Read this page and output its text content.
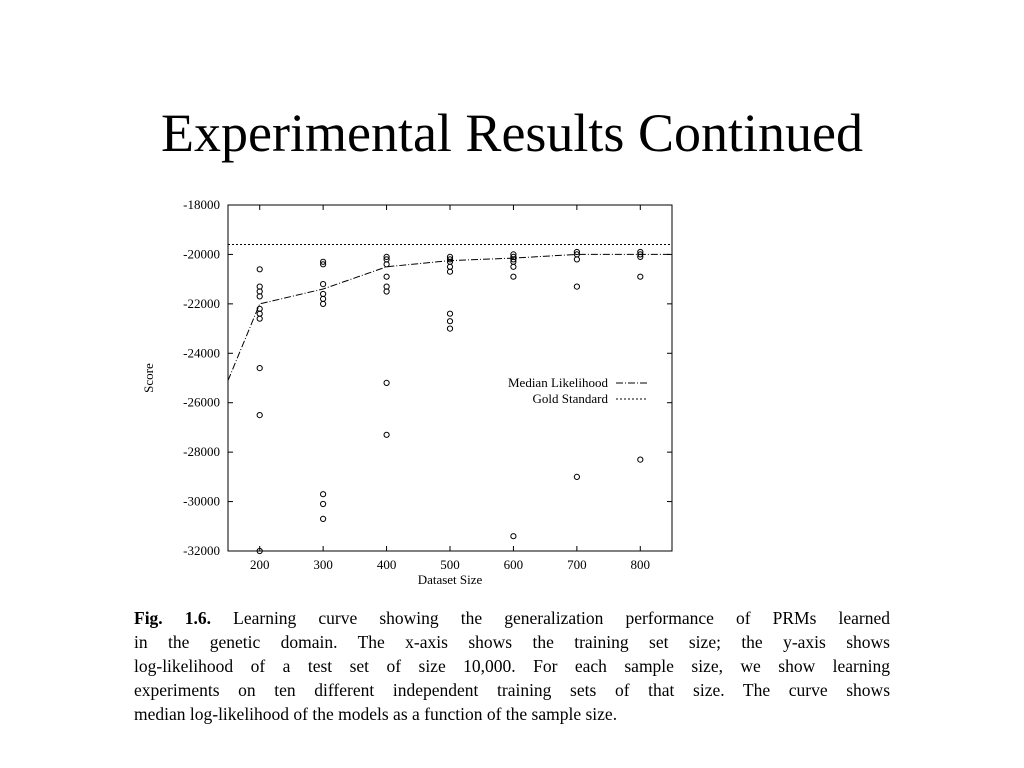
Experimental Results Continued
-18000
-20000
-22000
-24000
-26000
-28000
-30000
-32000
200	300	400	500	600	700	800
Dataset Size
Score	Median Likelihood
Gold Standard
Fig. 1.6. Learning curve showing the generalization performance of PRMs learned
in the genetic domain. The x-axis shows the training set size; the y-axis shows
log-likelihood of a test set of size 10,000. For each sample size, we show learning
experiments on ten different independent training sets of that size. The curve shows
median log-likelihood of the models as a function of the sample size.
